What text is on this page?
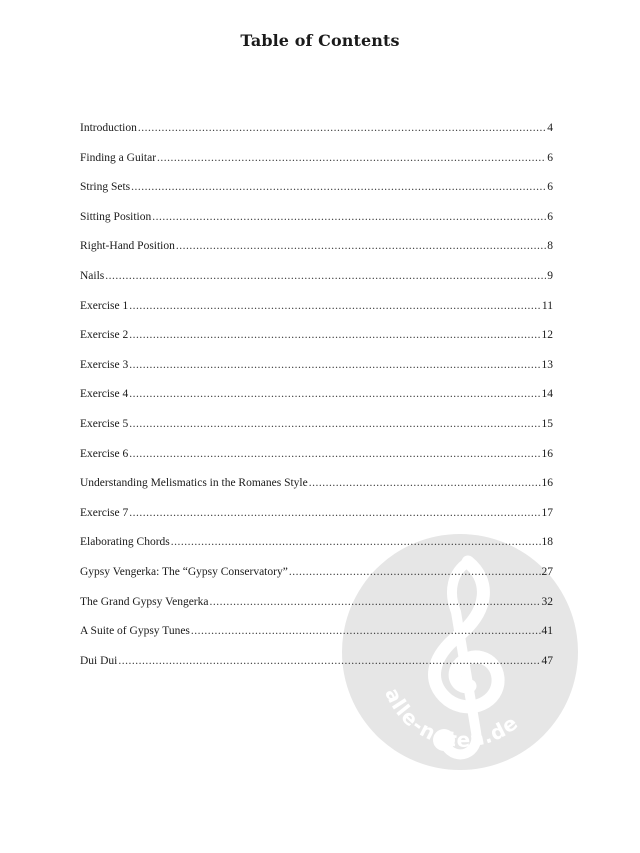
alle-noten.de
Table of Contents
Introduction .....	4
Finding a Guitar .....	6
String Sets .....	6
Sitting Position .....	6
Right-Hand Position .....	8
Nails .....	9
Exercise 1 .....	11
Exercise 2 .....	12
Exercise 3 .....	13
Exercise 4 .....	14
Exercise 5 .....	15
Exercise 6 .....	16
Understanding Melismatics in the Romanes Style .....	16
Exercise 7 .....	17
Elaborating Chords .....	18
Gypsy Vengerka: The “Gypsy Conservatory” .....	27
The Grand Gypsy Vengerka .....	32
A Suite of Gypsy Tunes .....	41
Dui Dui .....	47
